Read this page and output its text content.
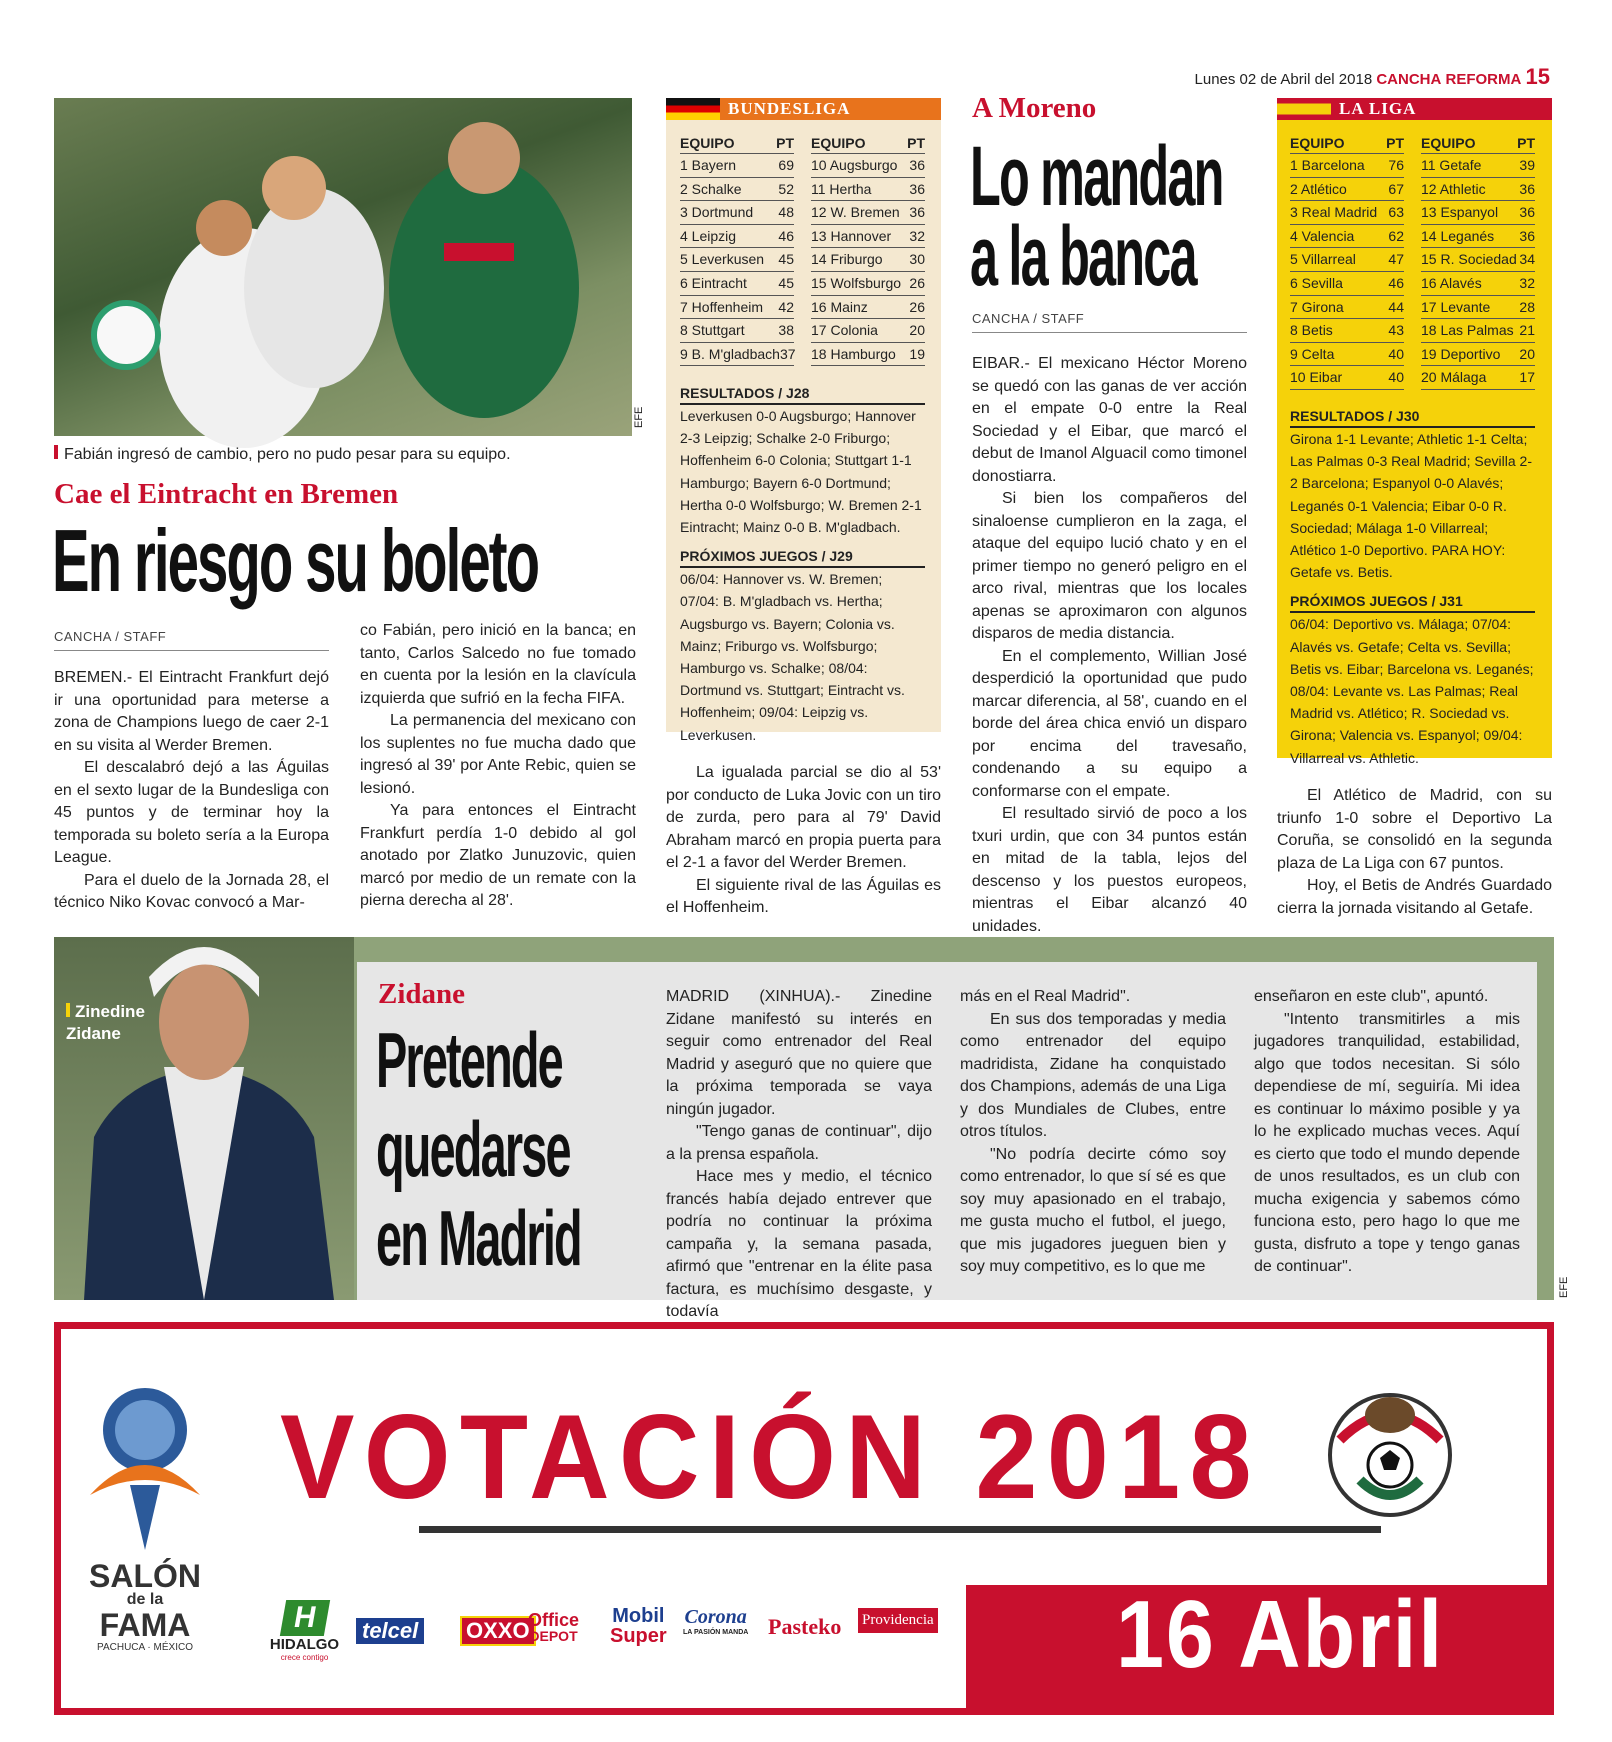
Lunes 02 de Abril del 2018 CANCHA REFORMA 15
EFE
Fabián ingresó de cambio, pero no pudo pesar para su equipo.
Cae el Eintracht en Bremen
En riesgo su boleto
CANCHA / STAFF

BREMEN.- El Eintracht Frankfurt dejó ir una oportunidad para meterse a zona de Champions luego de caer 2-1 en su visita al Werder Bremen.

El descalabró dejó a las Águilas en el sexto lugar de la Bundesliga con 45 puntos y de terminar hoy la temporada su boleto sería a la Europa League.

Para el duelo de la Jornada 28, el técnico Niko Kovac convocó a Mar-

co Fabián, pero inició en la banca; en tanto, Carlos Salcedo no fue tomado en cuenta por la lesión en la clavícula izquierda que sufrió en la fecha FIFA.

La permanencia del mexicano con los suplentes no fue mucha dado que ingresó al 39' por Ante Rebic, quien se lesionó.

Ya para entonces el Eintracht Frankfurt perdía 1-0 debido al gol anotado por Zlatko Junuzovic, quien marcó por medio de un remate con la pierna derecha al 28'.

BUNDESLIGA
EQUIPO	PT
1 Bayern	69
2 Schalke	52
3 Dortmund	48
4 Leipzig	46
5 Leverkusen	45
6 Eintracht	45
7 Hoffenheim	42
8 Stuttgart	38
9 B. M'gladbach 37
EQUIPO	PT
10 Augsburgo 36
11 Hertha	36
12 W. Bremen 36
13 Hannover	32
14 Friburgo	30
15 Wolfsburgo 26
16 Mainz	26
17 Colonia	20
18 Hamburgo 19
RESULTADOS / J28
Leverkusen 0-0 Augsburgo; Hannover 2-3 Leipzig; Schalke 2-0 Friburgo; Hoffenheim 6-0 Colonia; Stuttgart 1-1 Hamburgo; Bayern 6-0 Dortmund; Hertha 0-0 Wolfsburgo; W. Bremen 2-1 Eintracht; Mainz 0-0 B. M'gladbach.
PRÓXIMOS JUEGOS / J29
06/04: Hannover vs. W. Bremen; 07/04: B. M'gladbach vs. Hertha; Augsburgo vs. Bayern; Colonia vs. Mainz; Friburgo vs. Wolfsburgo; Hamburgo vs. Schalke; 08/04: Dortmund vs. Stuttgart; Eintracht vs. Hoffenheim; 09/04: Leipzig vs. Leverkusen.

La igualada parcial se dio al 53' por conducto de Luka Jovic con un tiro de zurda, pero para al 79' David Abraham marcó en propia puerta para el 2-1 a favor del Werder Bremen.

El siguiente rival de las Águilas es el Hoffenheim.

A Moreno
Lo mandan
a la banca
CANCHA / STAFF

EIBAR.- El mexicano Héctor Moreno se quedó con las ganas de ver acción en el empate 0-0 entre la Real Sociedad y el Eibar, que marcó el debut de Imanol Alguacil como timonel donostiarra.

Si bien los compañeros del sinaloense cumplieron en la zaga, el ataque del equipo lució chato y en el primer tiempo no generó peligro en el arco rival, mientras que los locales apenas se aproximaron con algunos disparos de media distancia.

En el complemento, Willian José desperdició la oportunidad que pudo marcar diferencia, al 58', cuando en el borde del área chica envió un disparo por encima del travesaño, condenando a su equipo a conformarse con el empate.

El resultado sirvió de poco a los txuri urdin, que con 34 puntos están en mitad de la tabla, lejos del descenso y los puestos europeos, mientras el Eibar alcanzó 40 unidades.

LA LIGA
EQUIPO	PT
1 Barcelona	76
2 Atlético	67
3 Real Madrid 63
4 Valencia	62
5 Villarreal	47
6 Sevilla	46
7 Girona	44
8 Betis	43
9 Celta	40
10 Eibar	40
EQUIPO	PT
11 Getafe	39
12 Athletic	36
13 Espanyol	36
14 Leganés	36
15 R. Sociedad 34
16 Alavés	32
17 Levante	28
18 Las Palmas 21
19 Deportivo	20
20 Málaga	17
RESULTADOS / J30
Girona 1-1 Levante; Athletic 1-1 Celta; Las Palmas 0-3 Real Madrid; Sevilla 2-2 Barcelona; Espanyol 0-0 Alavés; Leganés 0-1 Valencia; Eibar 0-0 R. Sociedad; Málaga 1-0 Villarreal; Atlético 1-0 Deportivo. PARA HOY: Getafe vs. Betis.
PRÓXIMOS JUEGOS / J31
06/04: Deportivo vs. Málaga; 07/04: Alavés vs. Getafe; Celta vs. Sevilla; Betis vs. Eibar; Barcelona vs. Leganés; 08/04: Levante vs. Las Palmas; Real Madrid vs. Atlético; R. Sociedad vs. Girona; Valencia vs. Espanyol; 09/04: Villarreal vs. Athletic.

El Atlético de Madrid, con su triunfo 1-0 sobre el Deportivo La Coruña, se consolidó en la segunda plaza de La Liga con 67 puntos.

Hoy, el Betis de Andrés Guardado cierra la jornada visitando al Getafe.

Zinedine
Zidane
Zidane
Pretende
quedarse
en Madrid

MADRID (XINHUA).- Zinedine Zidane manifestó su interés en seguir como entrenador del Real Madrid y aseguró que no quiere que la próxima temporada se vaya ningún jugador.

"Tengo ganas de continuar", dijo a la prensa española.

Hace mes y medio, el técnico francés había dejado entrever que podría no continuar la próxima campaña y, la semana pasada, afirmó que "entrenar en la élite pasa factura, es muchísimo desgaste, y todavía

más en el Real Madrid".

En sus dos temporadas y media como entrenador del equipo madridista, Zidane ha conquistado dos Champions, además de una Liga y dos Mundiales de Clubes, entre otros títulos.

"No podría decirte cómo soy como entrenador, lo que sí sé es que soy muy apasionado en el trabajo, me gusta mucho el futbol, el juego, que mis jugadores jueguen bien y soy muy competitivo, es lo que me

enseñaron en este club", apuntó.

"Intento transmitirles a mis jugadores tranquilidad, estabilidad, algo que todos necesitan. Si sólo dependiese de mí, seguiría. Mi idea es continuar lo máximo posible y ya lo he explicado muchas veces. Aquí es cierto que todo el mundo depende de unos resultados, es un club con mucha exigencia y sabemos cómo funciona esto, pero hago lo que me gusta, disfruto a tope y tengo ganas de continuar".

EFE
SALÓN
de la
FAMA
PACHUCA · MÉXICO
VOTACIÓN 2018
16 Abril
H
HIDALGO
crece contigo
telcel OXXO
Office
DEPOT
Mobil
Super
Corona
LA PASIÓN MANDA Pasteko Providencia
